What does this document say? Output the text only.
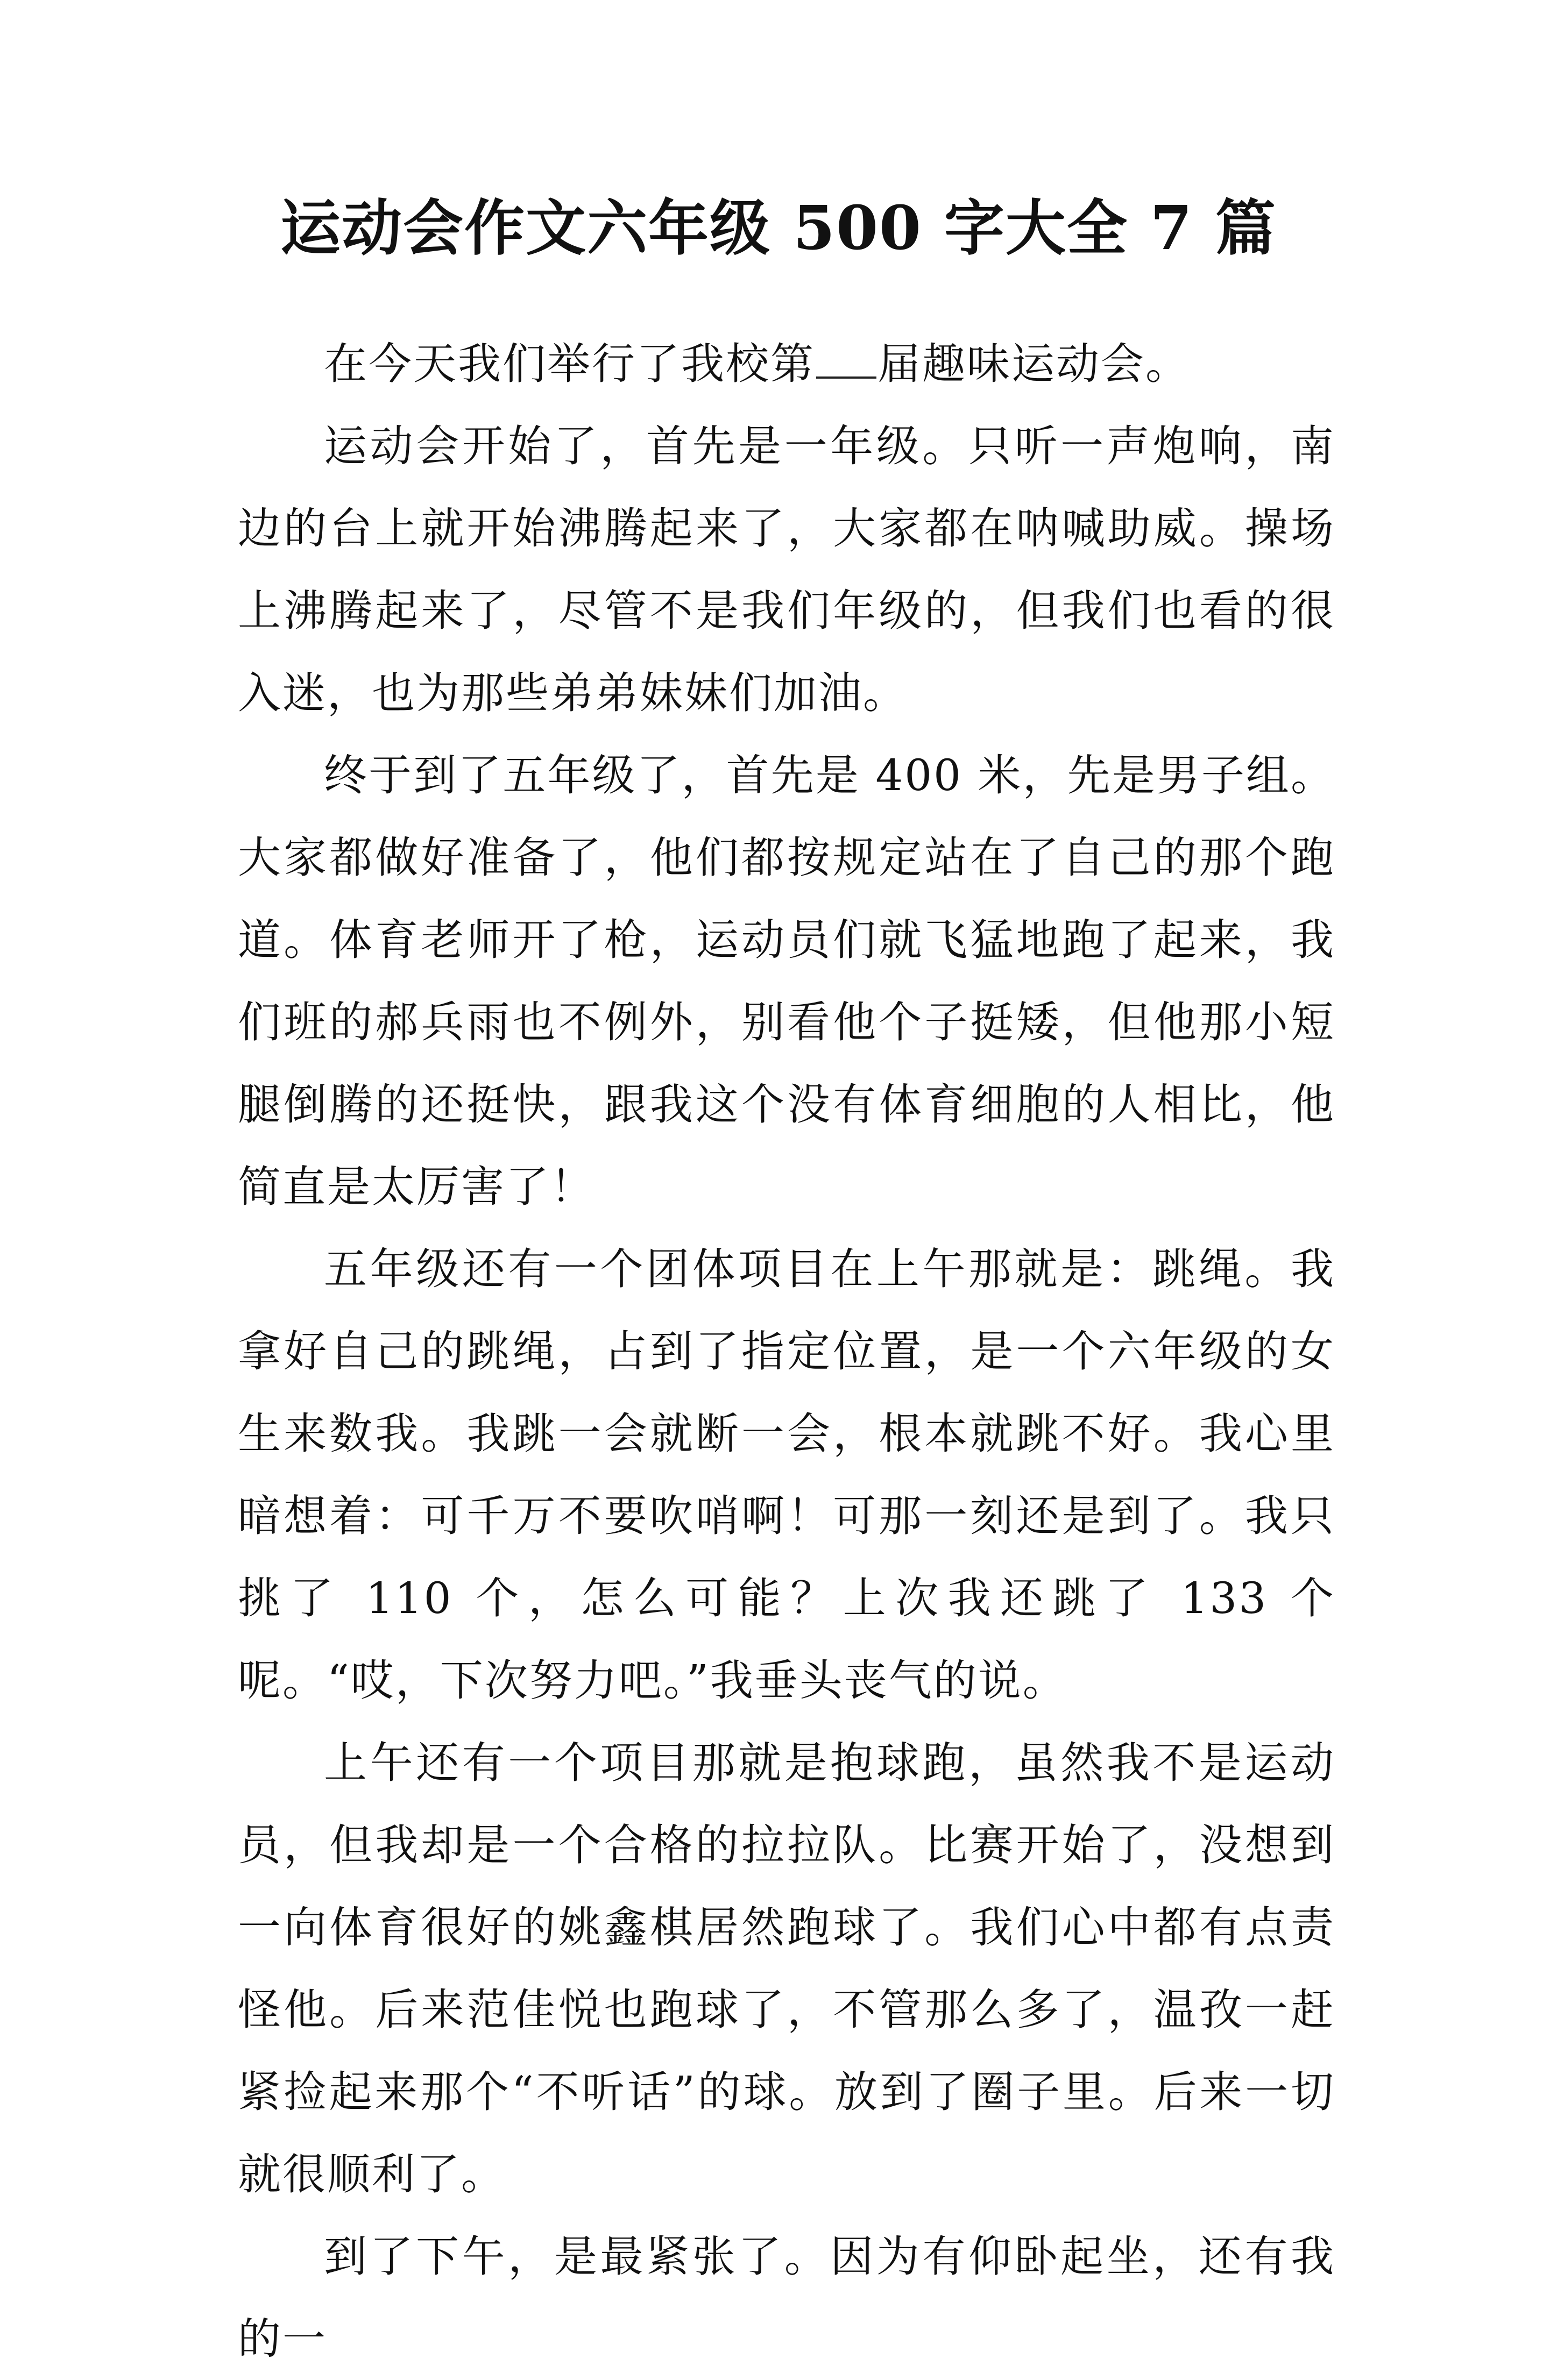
运动会作文六年级 500 字大全 7 篇

在今天我们举行了我校第 届趣味运动会。

运动会开始了，首先是一年级。只听一声炮响，南边的台上就开始沸腾起来了，大家都在呐喊助威。操场上沸腾起来了，尽管不是我们年级的，但我们也看的很入迷，也为那些弟弟妹妹们加油。

终于到了五年级了，首先是 400 米，先是男子组。大家都做好准备了，他们都按规定站在了自己的那个跑道。体育老师开了枪，运动员们就飞猛地跑了起来，我们班的郝兵雨也不例外，别看他个子挺矮，但他那小短腿倒腾的还挺快，跟我这个没有体育细胞的人相比，他简直是太厉害了！

五年级还有一个团体项目在上午那就是：跳绳。我拿好自己的跳绳，占到了指定位置，是一个六年级的女生来数我。我跳一会就断一会，根本就跳不好。我心里暗想着：可千万不要吹哨啊！可那一刻还是到了。我只挑了 110 个，怎么可能？上次我还跳了 133 个呢。“哎，下次努力吧。”我垂头丧气的说。

上午还有一个项目那就是抱球跑，虽然我不是运动员，但我却是一个合格的拉拉队。比赛开始了，没想到一向体育很好的姚鑫棋居然跑球了。我们心中都有点责怪他。后来范佳悦也跑球了，不管那么多了，温孜一赶紧捡起来那个“不听话”的球。放到了圈子里。后来一切就很顺利了。

到了下午，是最紧张了。因为有仰卧起坐，还有我的一
